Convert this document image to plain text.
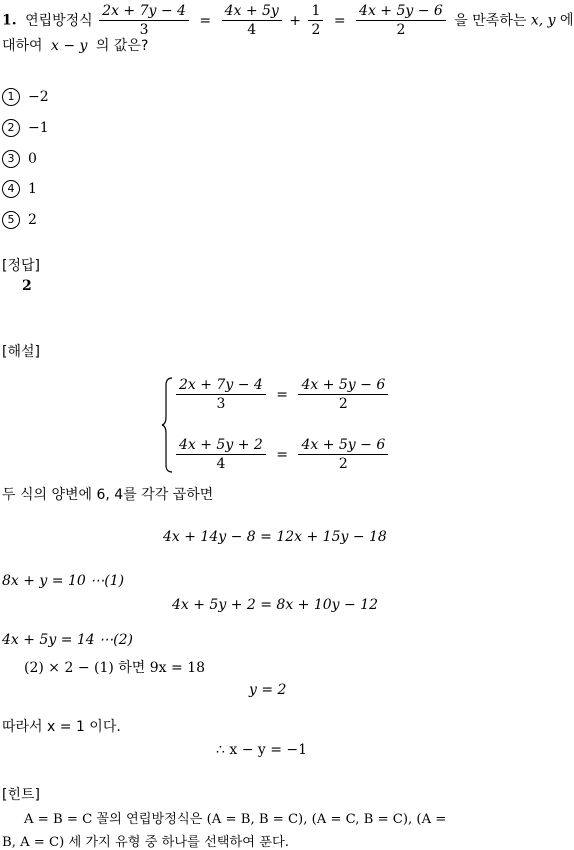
1. 연립방정식 $\frac{2x + 7y - 4}{3} = \frac{4x + 5y}{4} + \frac{1}{2} = \frac{4x + 5y - 6}{2}$ 을 만족하는 x, y 에
대하여 x − y 의 값은?
1 −2
2 −1
3 0
4 1
5 2
[정답]
2
[해설]
$\frac{2x + 7y - 4}{3} = \frac{4x + 5y - 6}{2}$
$\frac{4x + 5y + 2}{4} = \frac{4x + 5y - 6}{2}$
두 식의 양변에 6, 4를 각각 곱하면
4x + 14y − 8 = 12x + 15y − 18
8x + y = 10 ⋯(1)
4x + 5y + 2 = 8x + 10y − 12
4x + 5y = 14 ⋯(2)
(2) × 2 − (1) 하면 9x = 18
y = 2
따라서 x = 1 이다.
∴ x − y = −1
[힌트]
A = B = C 꼴의 연립방정식은 (A = B, B = C), (A = C, B = C), (A =
B, A = C) 세 가지 유형 중 하나를 선택하여 푼다.
